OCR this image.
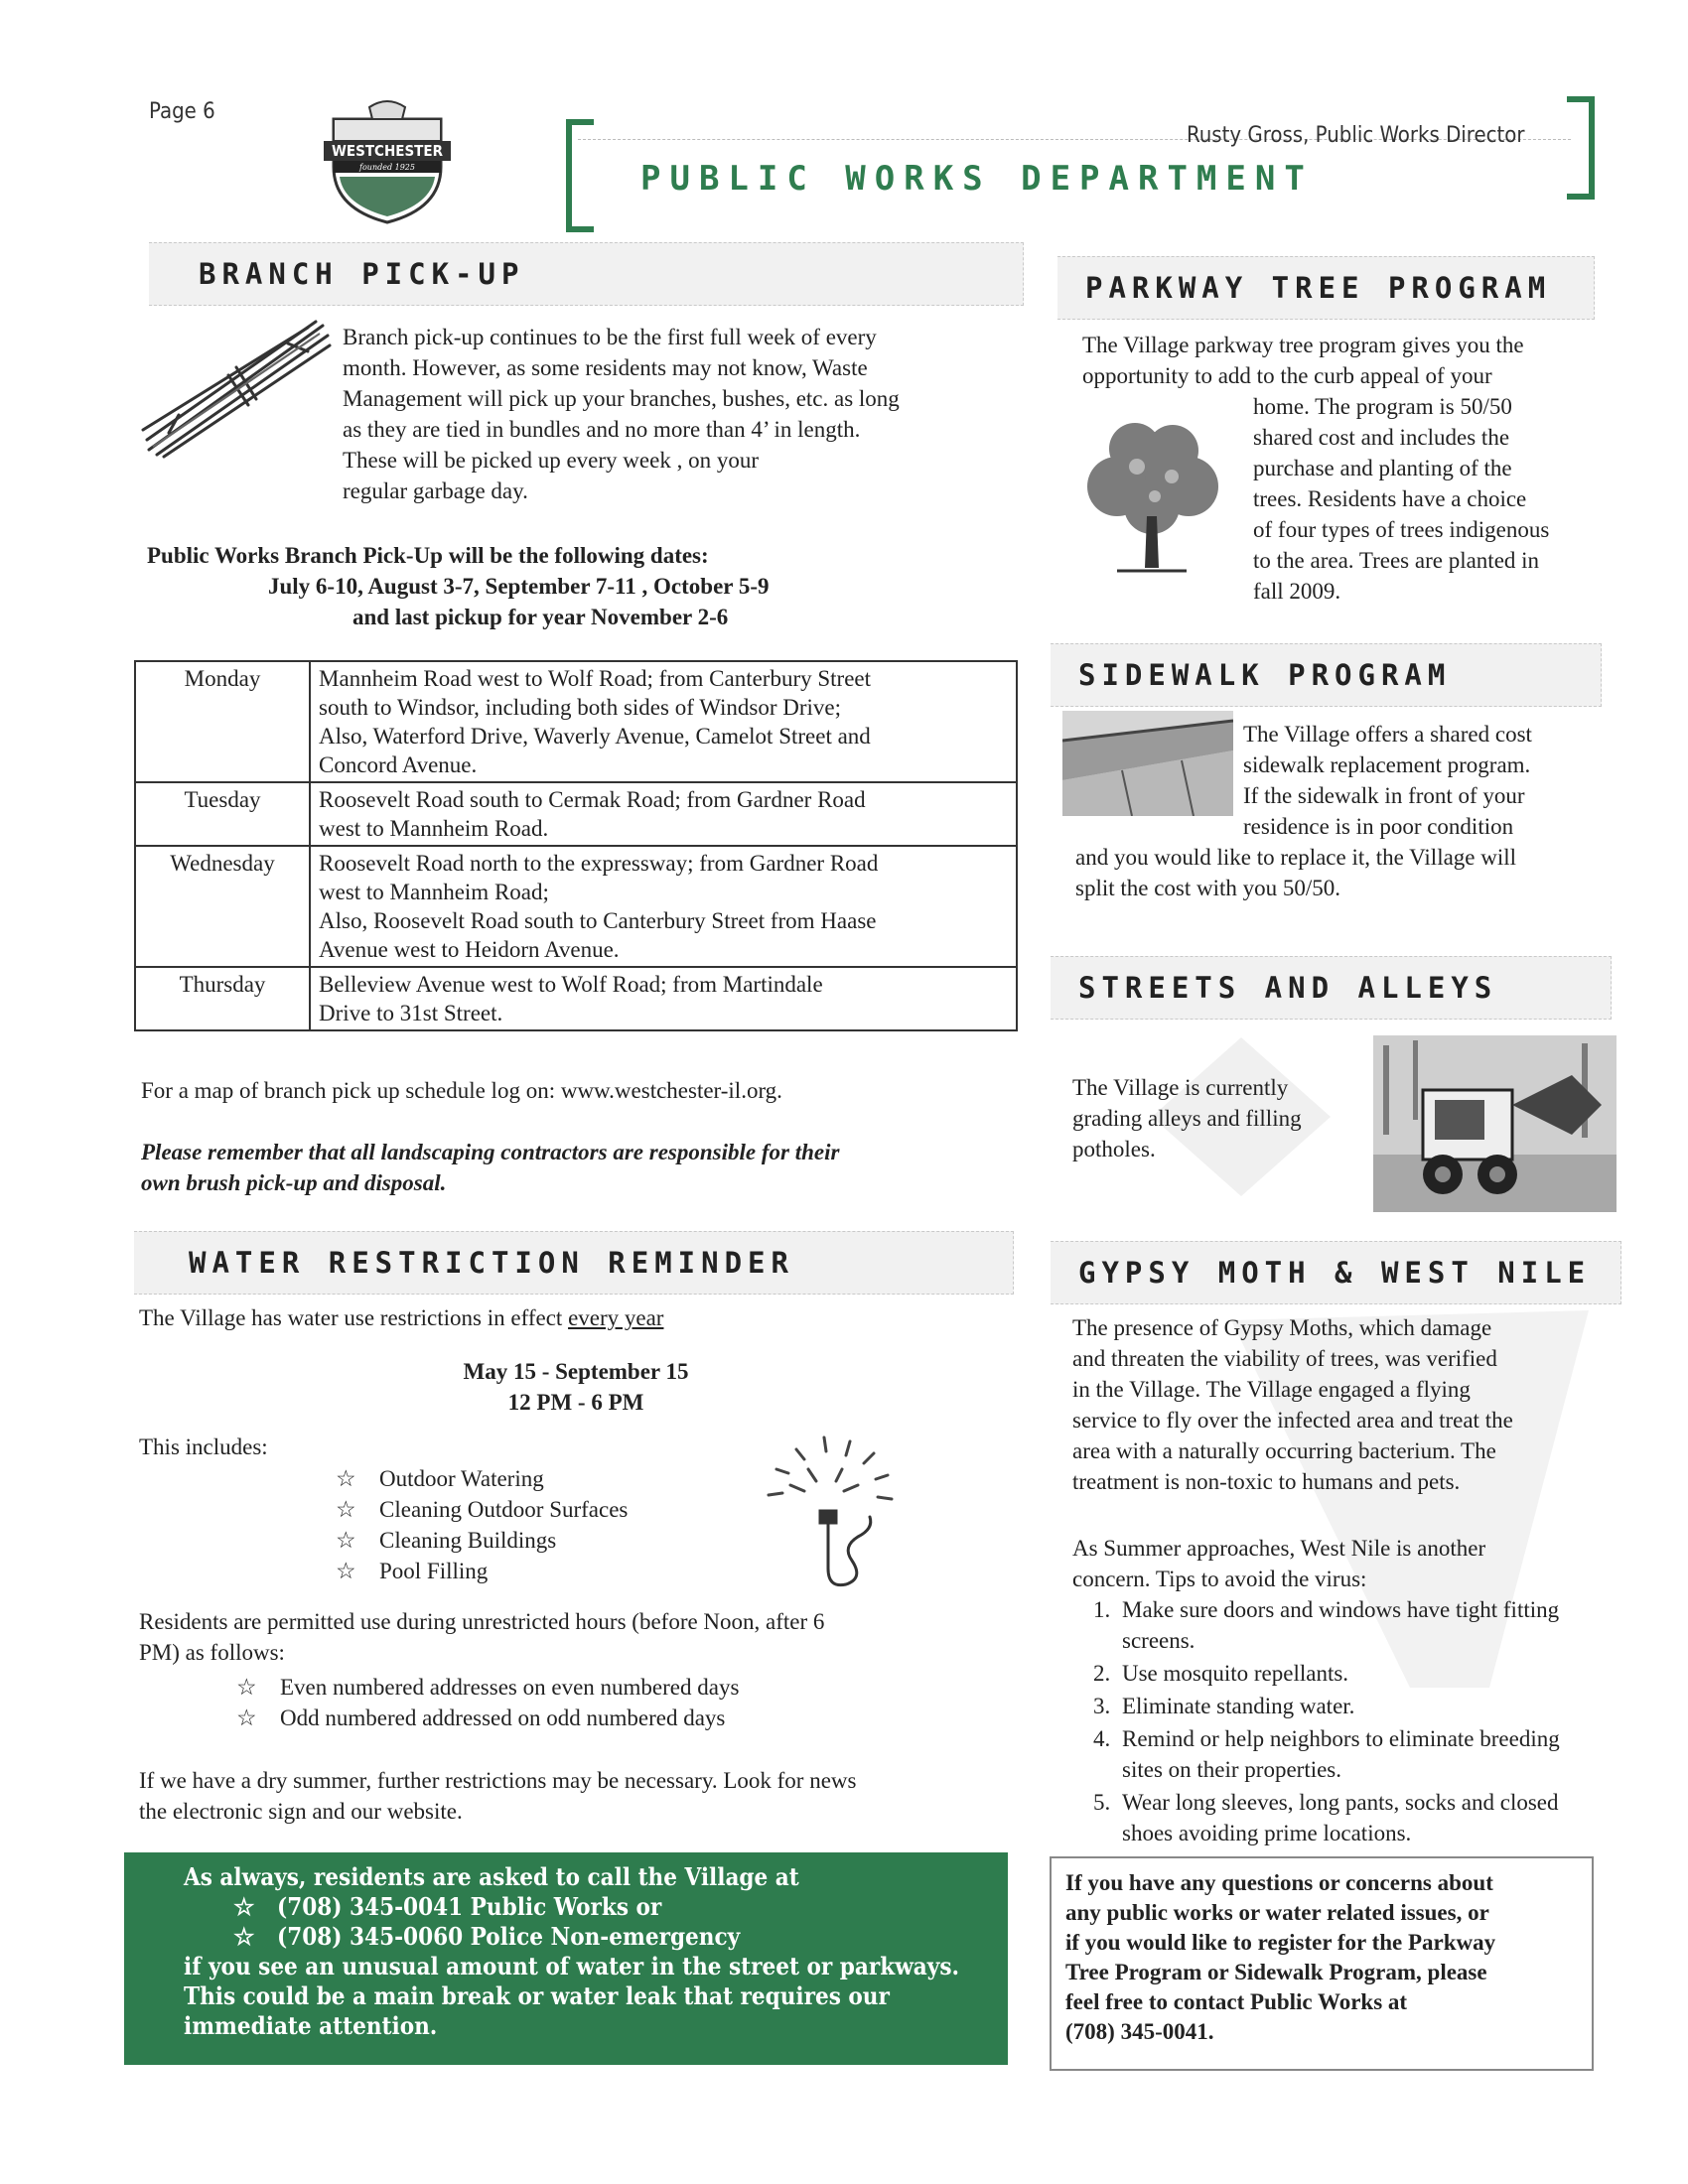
Page 6
WESTCHESTER
founded 1925	PUBLIC WORKS DEPARTMENT
Rusty Gross, Public Works Director
BRANCH PICK-UP
Branch pick-up continues to be the first full week of every
month. However, as some residents may not know, Waste
Management will pick up your branches, bushes, etc. as long
as they are tied in bundles and no more than 4’ in length.
These will be picked up every week , on your
regular garbage day.
Public Works Branch Pick-Up will be the following dates:
July 6-10, August 3-7, September 7-11 , October 5-9
and last pickup for year November 2-6
Monday	Mannheim Road west to Wolf Road; from Canterbury Street
south to Windsor, including both sides of Windsor Drive;
Also, Waterford Drive, Waverly Avenue, Camelot Street and
Concord Avenue.

Tuesday	Roosevelt Road south to Cermak Road; from Gardner Road
west to Mannheim Road.

Wednesday	Roosevelt Road north to the expressway; from Gardner Road
west to Mannheim Road;
Also, Roosevelt Road south to Canterbury Street from Haase
Avenue west to Heidorn Avenue.

Thursday	Belleview Avenue west to Wolf Road; from Martindale
Drive to 31st Street.
For a map of branch pick up schedule log on: www.westchester-il.org.
Please remember that all landscaping contractors are responsible for their
own brush pick-up and disposal.
WATER RESTRICTION REMINDER
The Village has water use restrictions in effect every year
May 15 - September 15
12 PM - 6 PM
This includes:
☆ Outdoor Watering
☆ Cleaning Outdoor Surfaces
☆ Cleaning Buildings
☆ Pool Filling
Residents are permitted use during unrestricted hours (before Noon, after 6
PM) as follows:
☆ Even numbered addresses on even numbered days
☆ Odd numbered addressed on odd numbered days
If we have a dry summer, further restrictions may be necessary. Look for news
the electronic sign and our website.
As always, residents are asked to call the Village at
☆ (708) 345-0041 Public Works or
☆ (708) 345-0060 Police Non-emergency
if you see an unusual amount of water in the street or parkways.
This could be a main break or water leak that requires our
immediate attention.
PARKWAY TREE PROGRAM
The Village parkway tree program gives you the
opportunity to add to the curb appeal of your
home. The program is 50/50
shared cost and includes the
purchase and planting of the
trees. Residents have a choice
of four types of trees indigenous
to the area. Trees are planted in
fall 2009.
SIDEWALK PROGRAM
The Village offers a shared cost
sidewalk replacement program.
If the sidewalk in front of your
residence is in poor condition
and you would like to replace it, the Village will
split the cost with you 50/50.
STREETS AND ALLEYS
The Village is currently
grading alleys and filling
potholes.
GYPSY MOTH & WEST NILE
The presence of Gypsy Moths, which damage
and threaten the viability of trees, was verified
in the Village. The Village engaged a flying
service to fly over the infected area and treat the
area with a naturally occurring bacterium. The
treatment is non-toxic to humans and pets.
As Summer approaches, West Nile is another
concern. Tips to avoid the virus:
1. Make sure doors and windows have tight fitting screens.
2. Use mosquito repellants.
3. Eliminate standing water.
4. Remind or help neighbors to eliminate breeding sites on their properties.
5. Wear long sleeves, long pants, socks and closed shoes avoiding prime locations.
If you have any questions or concerns about
any public works or water related issues, or
if you would like to register for the Parkway
Tree Program or Sidewalk Program, please
feel free to contact Public Works at
(708) 345-0041.
